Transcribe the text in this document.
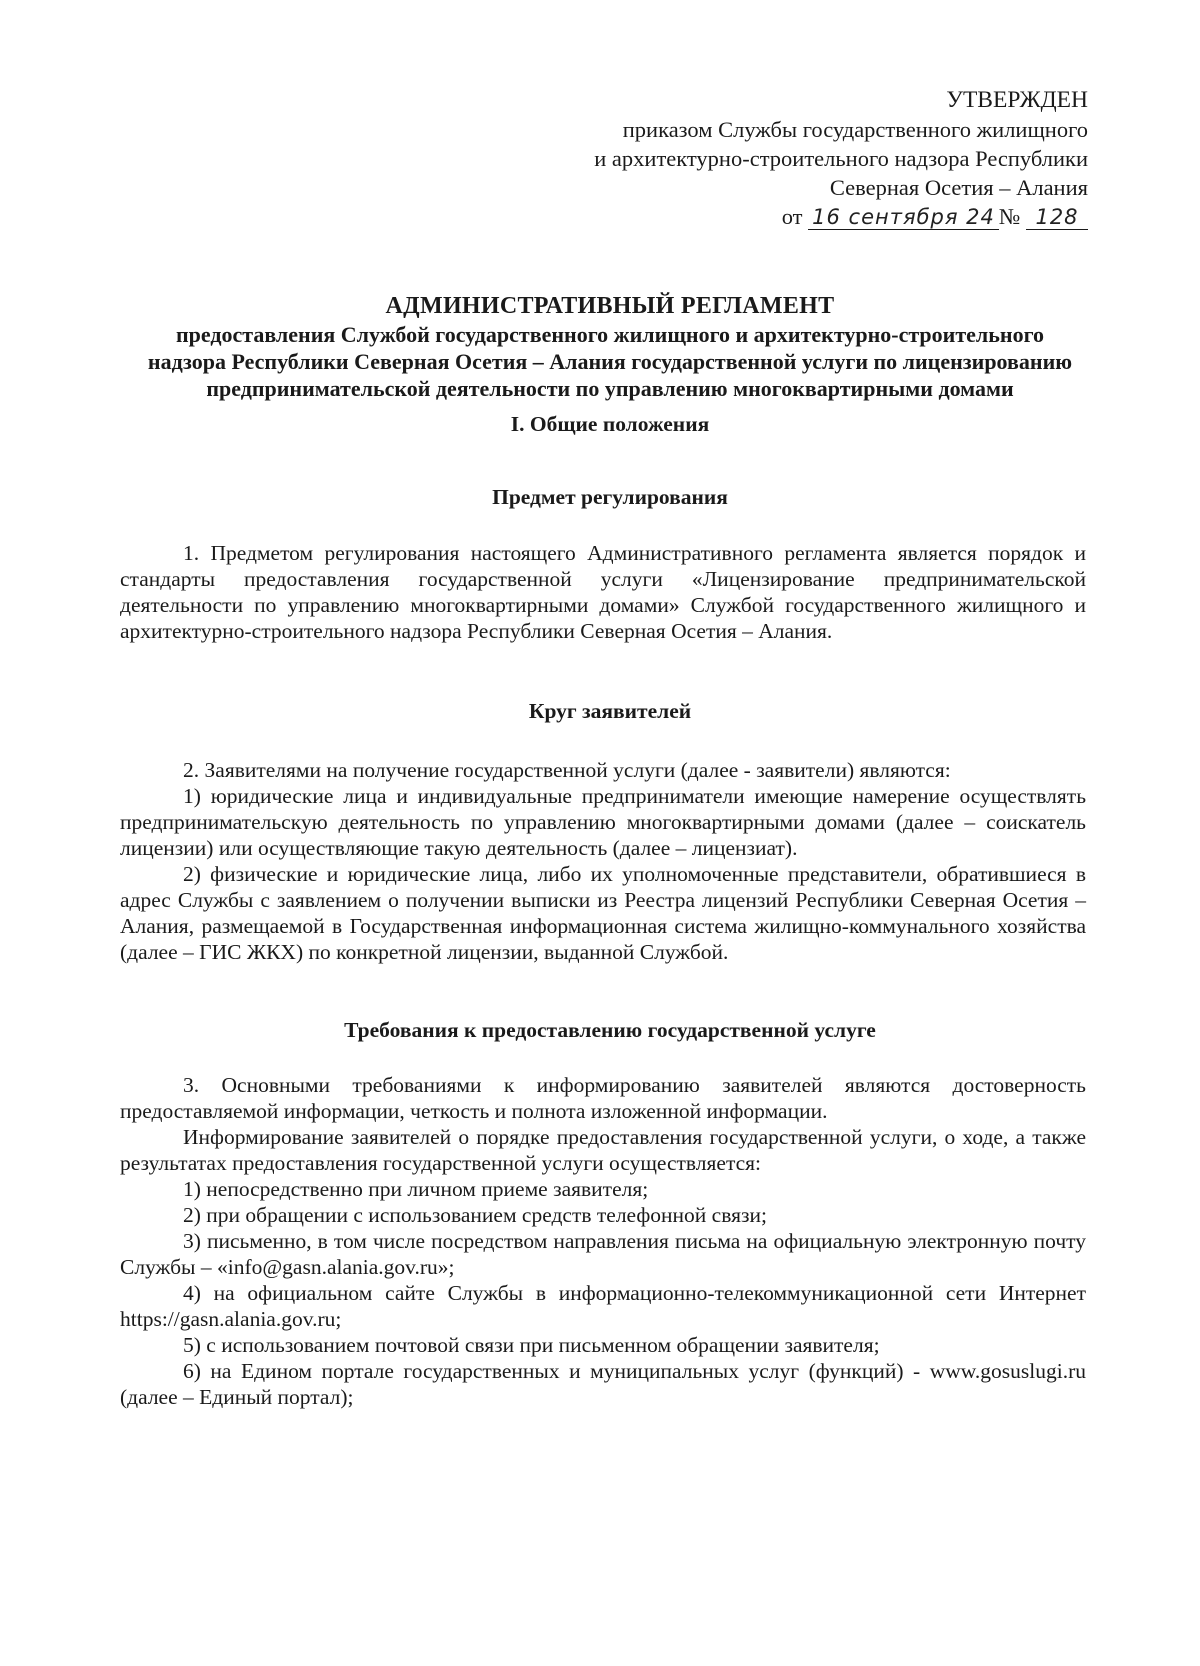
УТВЕРЖДЕН
приказом Службы государственного жилищного
и архитектурно-строительного надзора Республики
Северная Осетия – Алания
от 16 сентября 24 № 128
АДМИНИСТРАТИВНЫЙ РЕГЛАМЕНТ
предоставления Службой государственного жилищного и архитектурно-строительного
надзора Республики Северная Осетия – Алания государственной услуги по лицензированию
предпринимательской деятельности по управлению многоквартирными домами
I. Общие положения
Предмет регулирования

1. Предметом регулирования настоящего Административного регламента является порядок и стандарты предоставления государственной услуги «Лицензирование предпринимательской деятельности по управлению многоквартирными домами» Службой государственного жилищного и архитектурно-строительного надзора Республики Северная Осетия – Алания.

Круг заявителей

2. Заявителями на получение государственной услуги (далее - заявители) являются:

1) юридические лица и индивидуальные предприниматели имеющие намерение осуществлять предпринимательскую деятельность по управлению многоквартирными домами (далее – соискатель лицензии) или осуществляющие такую деятельность (далее – лицензиат).

2) физические и юридические лица, либо их уполномоченные представители, обратившиеся в адрес Службы с заявлением о получении выписки из Реестра лицензий Республики Северная Осетия – Алания, размещаемой в Государственная информационная система жилищно-коммунального хозяйства (далее – ГИС ЖКХ) по конкретной лицензии, выданной Службой.

Требования к предоставлению государственной услуге

3. Основными требованиями к информированию заявителей являются достоверность предоставляемой информации, четкость и полнота изложенной информации.

Информирование заявителей о порядке предоставления государственной услуги, о ходе, а также результатах предоставления государственной услуги осуществляется:

1) непосредственно при личном приеме заявителя;

2) при обращении с использованием средств телефонной связи;

3) письменно, в том числе посредством направления письма на официальную электронную почту Службы – «info@gasn.alania.gov.ru»;

4) на официальном сайте Службы в информационно-телекоммуникационной сети Интернет https://gasn.alania.gov.ru;

5) с использованием почтовой связи при письменном обращении заявителя;

6) на Едином портале государственных и муниципальных услуг (функций) - www.gosuslugi.ru (далее – Единый портал);
